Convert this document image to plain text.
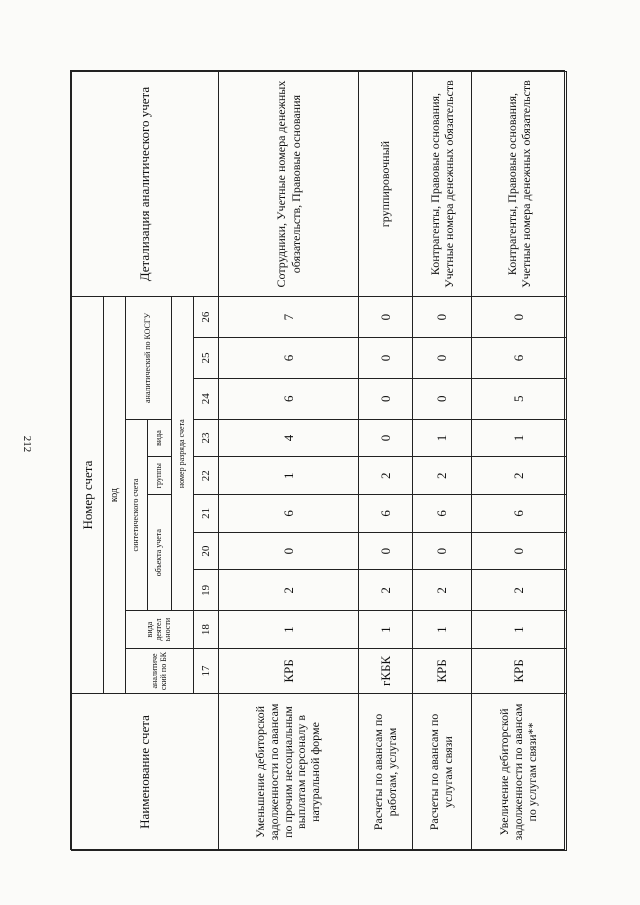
212
Наименование счета	Номер счета										Детализация аналитического учета
	код										
	аналитиче ский по БК	вида деятел ьности	синтетического счета					аналитический по КОСГУ			
			объекта учета			группы	вида				
			номер разряда счета								
	17	18	19	20	21	22	23	24	25	26	
Уменьшение дебиторской задолженности по авансам по прочим несоциальным выплатам персоналу в натуральной форме	КРБ	1	2	0	6	1	4	6	6	7	Сотрудники, Учетные номера денежных обязательств, Правовые основания
Расчеты по авансам по работам, услугам	гКБК	1	2	0	6	2	0	0	0	0	группировочный
Расчеты по авансам по услугам связи	КРБ	1	2	0	6	2	1	0	0	0	Контрагенты, Правовые основания, Учетные номера денежных обязательств
Увеличение дебиторской задолженности по авансам по услугам связи**	КРБ	1	2	0	6	2	1	5	6	0	Контрагенты, Правовые основания, Учетные номера денежных обязательств
